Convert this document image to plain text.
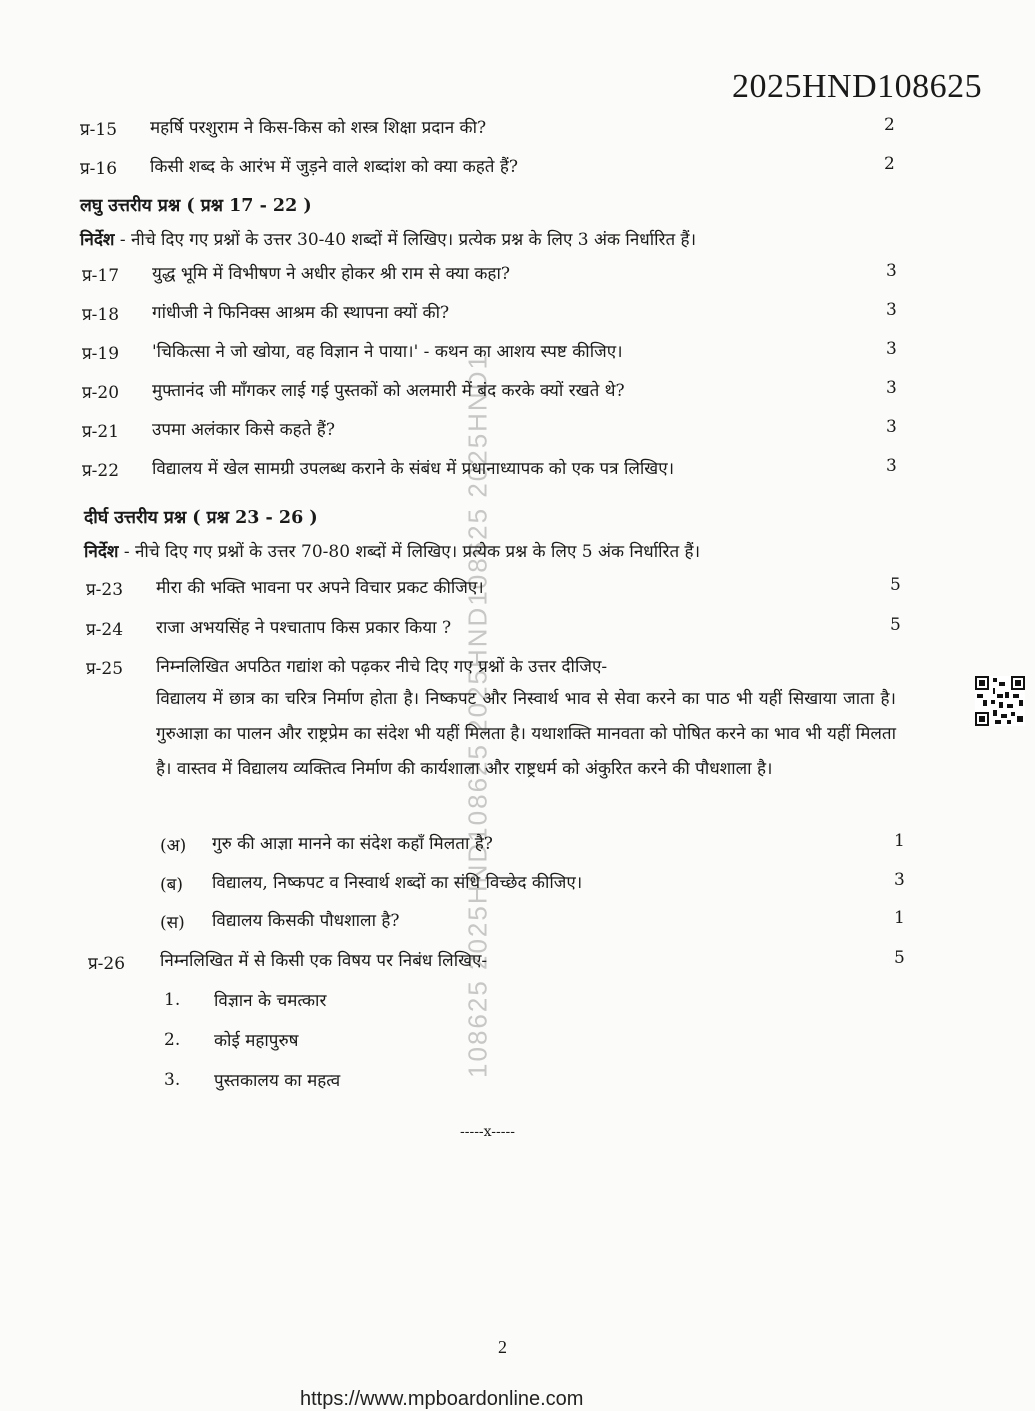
108625 2025HND108625 2025HND108625 2025HND1
2025HND108625
प्र-15 महर्षि परशुराम ने किस-किस को शस्त्र शिक्षा प्रदान की?	2
प्र-16 किसी शब्द के आरंभ में जुड़ने वाले शब्दांश को क्या कहते हैं?	2
लघु उत्तरीय प्रश्न ( प्रश्न 17 - 22 )
निर्देश - नीचे दिए गए प्रश्नों के उत्तर 30-40 शब्दों में लिखिए। प्रत्येक प्रश्न के लिए 3 अंक निर्धारित हैं।
प्र-17 युद्ध भूमि में विभीषण ने अधीर होकर श्री राम से क्या कहा?	3
प्र-18 गांधीजी ने फिनिक्स आश्रम की स्थापना क्यों की?	3
प्र-19 'चिकित्सा ने जो खोया, वह विज्ञान ने पाया।' - कथन का आशय स्पष्ट कीजिए।	3
प्र-20 मुफ्तानंद जी माँगकर लाई गई पुस्तकों को अलमारी में बंद करके क्यों रखते थे?	3
प्र-21 उपमा अलंकार किसे कहते हैं?	3
प्र-22 विद्यालय में खेल सामग्री उपलब्ध कराने के संबंध में प्रधानाध्यापक को एक पत्र लिखिए।	3
दीर्घ उत्तरीय प्रश्न ( प्रश्न 23 - 26 )
निर्देश - नीचे दिए गए प्रश्नों के उत्तर 70-80 शब्दों में लिखिए। प्रत्येक प्रश्न के लिए 5 अंक निर्धारित हैं।
प्र-23 मीरा की भक्ति भावना पर अपने विचार प्रकट कीजिए।	5
प्र-24 राजा अभयसिंह ने पश्चाताप किस प्रकार किया ?	5
प्र-25 निम्नलिखित अपठित गद्यांश को पढ़कर नीचे दिए गए प्रश्नों के उत्तर दीजिए-
विद्यालय में छात्र का चरित्र निर्माण होता है। निष्कपट और निस्वार्थ भाव से सेवा करने का पाठ भी यहीं सिखाया जाता है। गुरुआज्ञा का पालन और राष्ट्रप्रेम का संदेश भी यहीं मिलता है। यथाशक्ति मानवता को पोषित करने का भाव भी यहीं मिलता है। वास्तव में विद्यालय व्यक्तित्व निर्माण की कार्यशाला और राष्ट्रधर्म को अंकुरित करने की पौधशाला है।
(अ) गुरु की आज्ञा मानने का संदेश कहाँ मिलता है?	1
(ब) विद्यालय, निष्कपट व निस्वार्थ शब्दों का संधि विच्छेद कीजिए।	3
(स) विद्यालय किसकी पौधशाला है?	1
प्र-26 निम्नलिखित में से किसी एक विषय पर निबंध लिखिए-	5
1. विज्ञान के चमत्कार
2. कोई महापुरुष
3. पुस्तकालय का महत्व
-----x-----
2
https://www.mpboardonline.com
